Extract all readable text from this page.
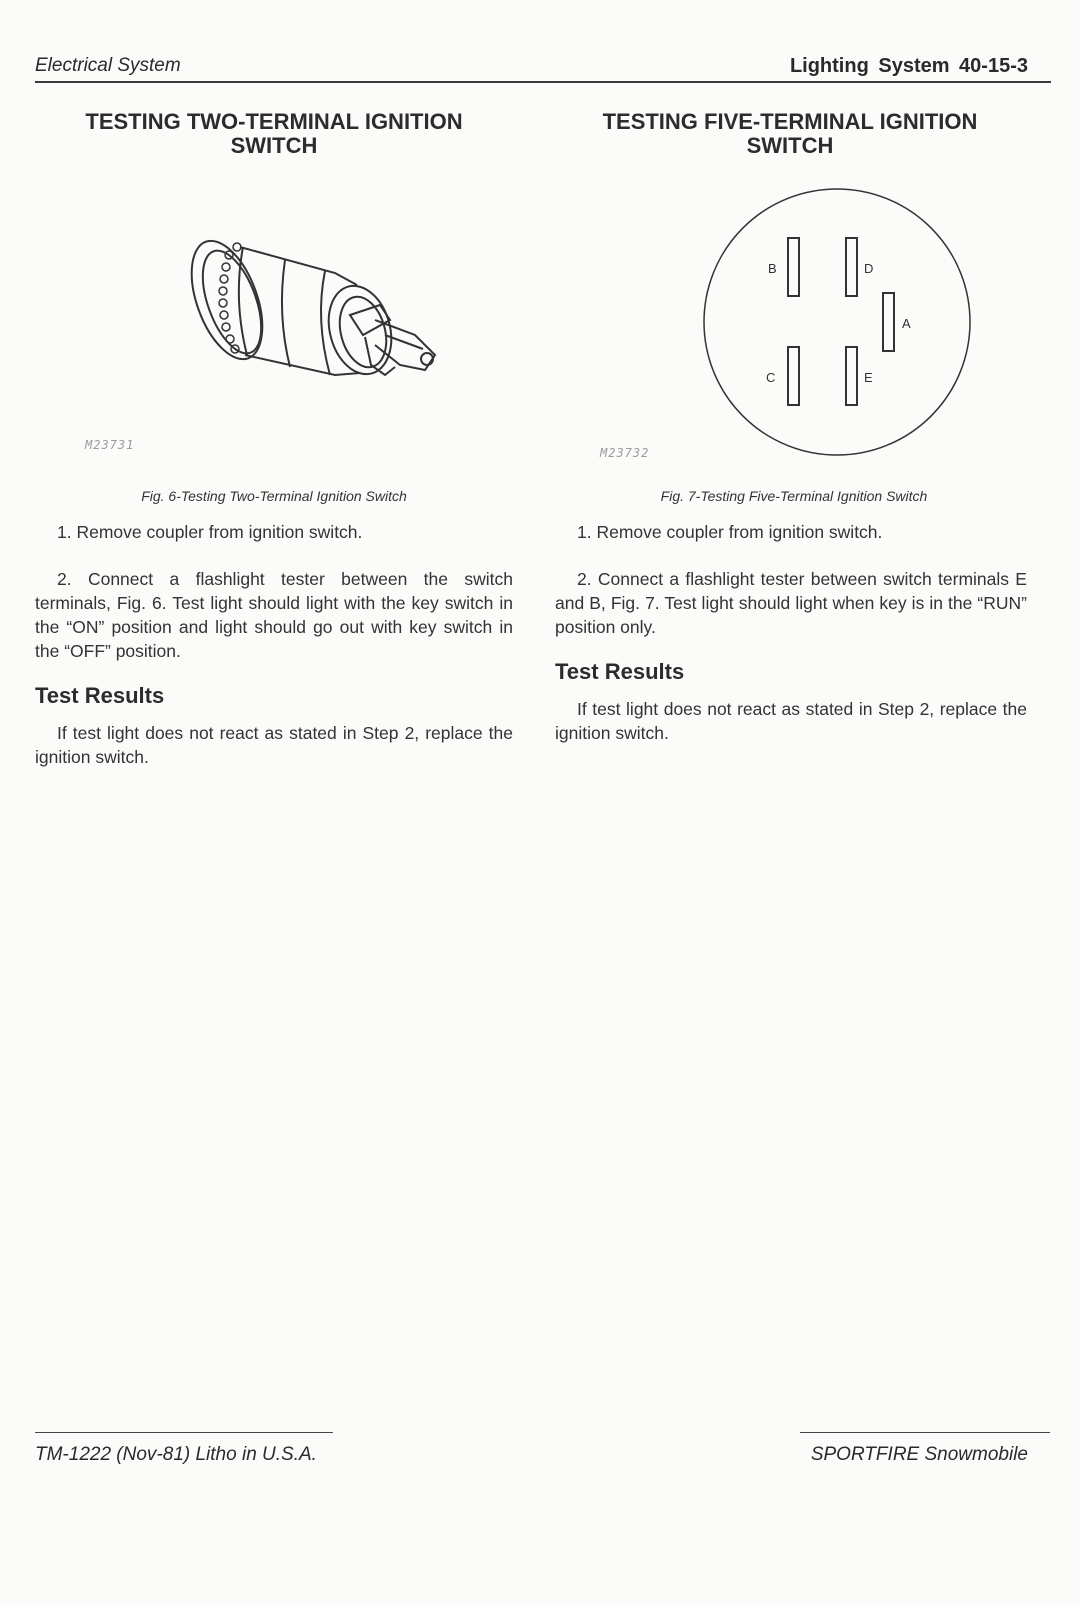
Electrical System	Lighting System 40-15-3
TESTING TWO-TERMINAL IGNITION
SWITCH
M23731
Fig. 6-Testing Two-Terminal Ignition Switch
1. Remove coupler from ignition switch.
2. Connect a flashlight tester between the switch terminals, Fig. 6. Test light should light with the key switch in the “ON” position and light should go out with key switch in the “OFF” position.
Test Results
If test light does not react as stated in Step 2, replace the ignition switch.
TESTING FIVE-TERMINAL IGNITION
SWITCH
B	D
A
C	E
M23732
Fig. 7-Testing Five-Terminal Ignition Switch
1. Remove coupler from ignition switch.
2. Connect a flashlight tester between switch terminals E and B, Fig. 7. Test light should light when key is in the “RUN” position only.
Test Results
If test light does not react as stated in Step 2, replace the ignition switch.
TM-1222 (Nov-81) Litho in U.S.A.	SPORTFIRE Snowmobile
